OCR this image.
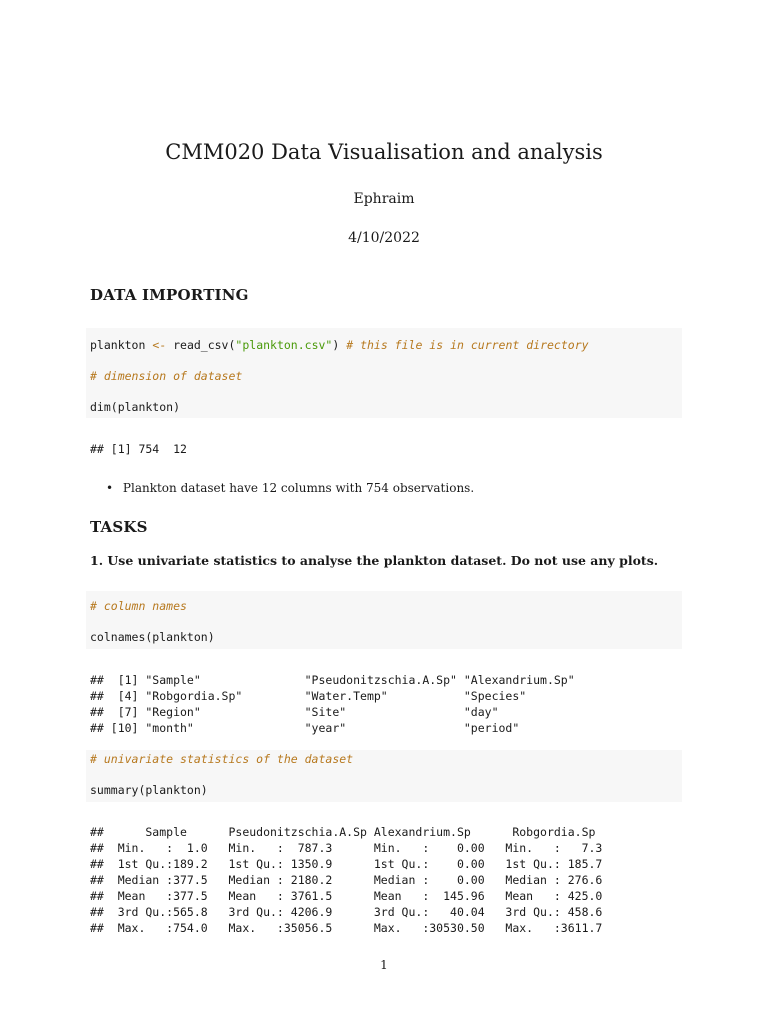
CMM020 Data Visualisation and analysis
Ephraim
4/10/2022
DATA IMPORTING
plankton <- read_csv("plankton.csv") # this file is in current directory
# dimension of dataset
dim(plankton)
## [1] 754  12
• Plankton dataset have 12 columns with 754 observations.
TASKS
1. Use univariate statistics to analyse the plankton dataset. Do not use any plots.
# column names
colnames(plankton)
##  [1] "Sample"               "Pseudonitzschia.A.Sp" "Alexandrium.Sp"
##  [4] "Robgordia.Sp"         "Water.Temp"           "Species"
##  [7] "Region"               "Site"                 "day"
## [10] "month"                "year"                 "period"
# univariate statistics of the dataset
summary(plankton)
##      Sample      Pseudonitzschia.A.Sp Alexandrium.Sp      Robgordia.Sp
##  Min.   :  1.0   Min.   :  787.3      Min.   :    0.00   Min.   :   7.3
##  1st Qu.:189.2   1st Qu.: 1350.9      1st Qu.:    0.00   1st Qu.: 185.7
##  Median :377.5   Median : 2180.2      Median :    0.00   Median : 276.6
##  Mean   :377.5   Mean   : 3761.5      Mean   :  145.96   Mean   : 425.0
##  3rd Qu.:565.8   3rd Qu.: 4206.9      3rd Qu.:   40.04   3rd Qu.: 458.6
##  Max.   :754.0   Max.   :35056.5      Max.   :30530.50   Max.   :3611.7
1
